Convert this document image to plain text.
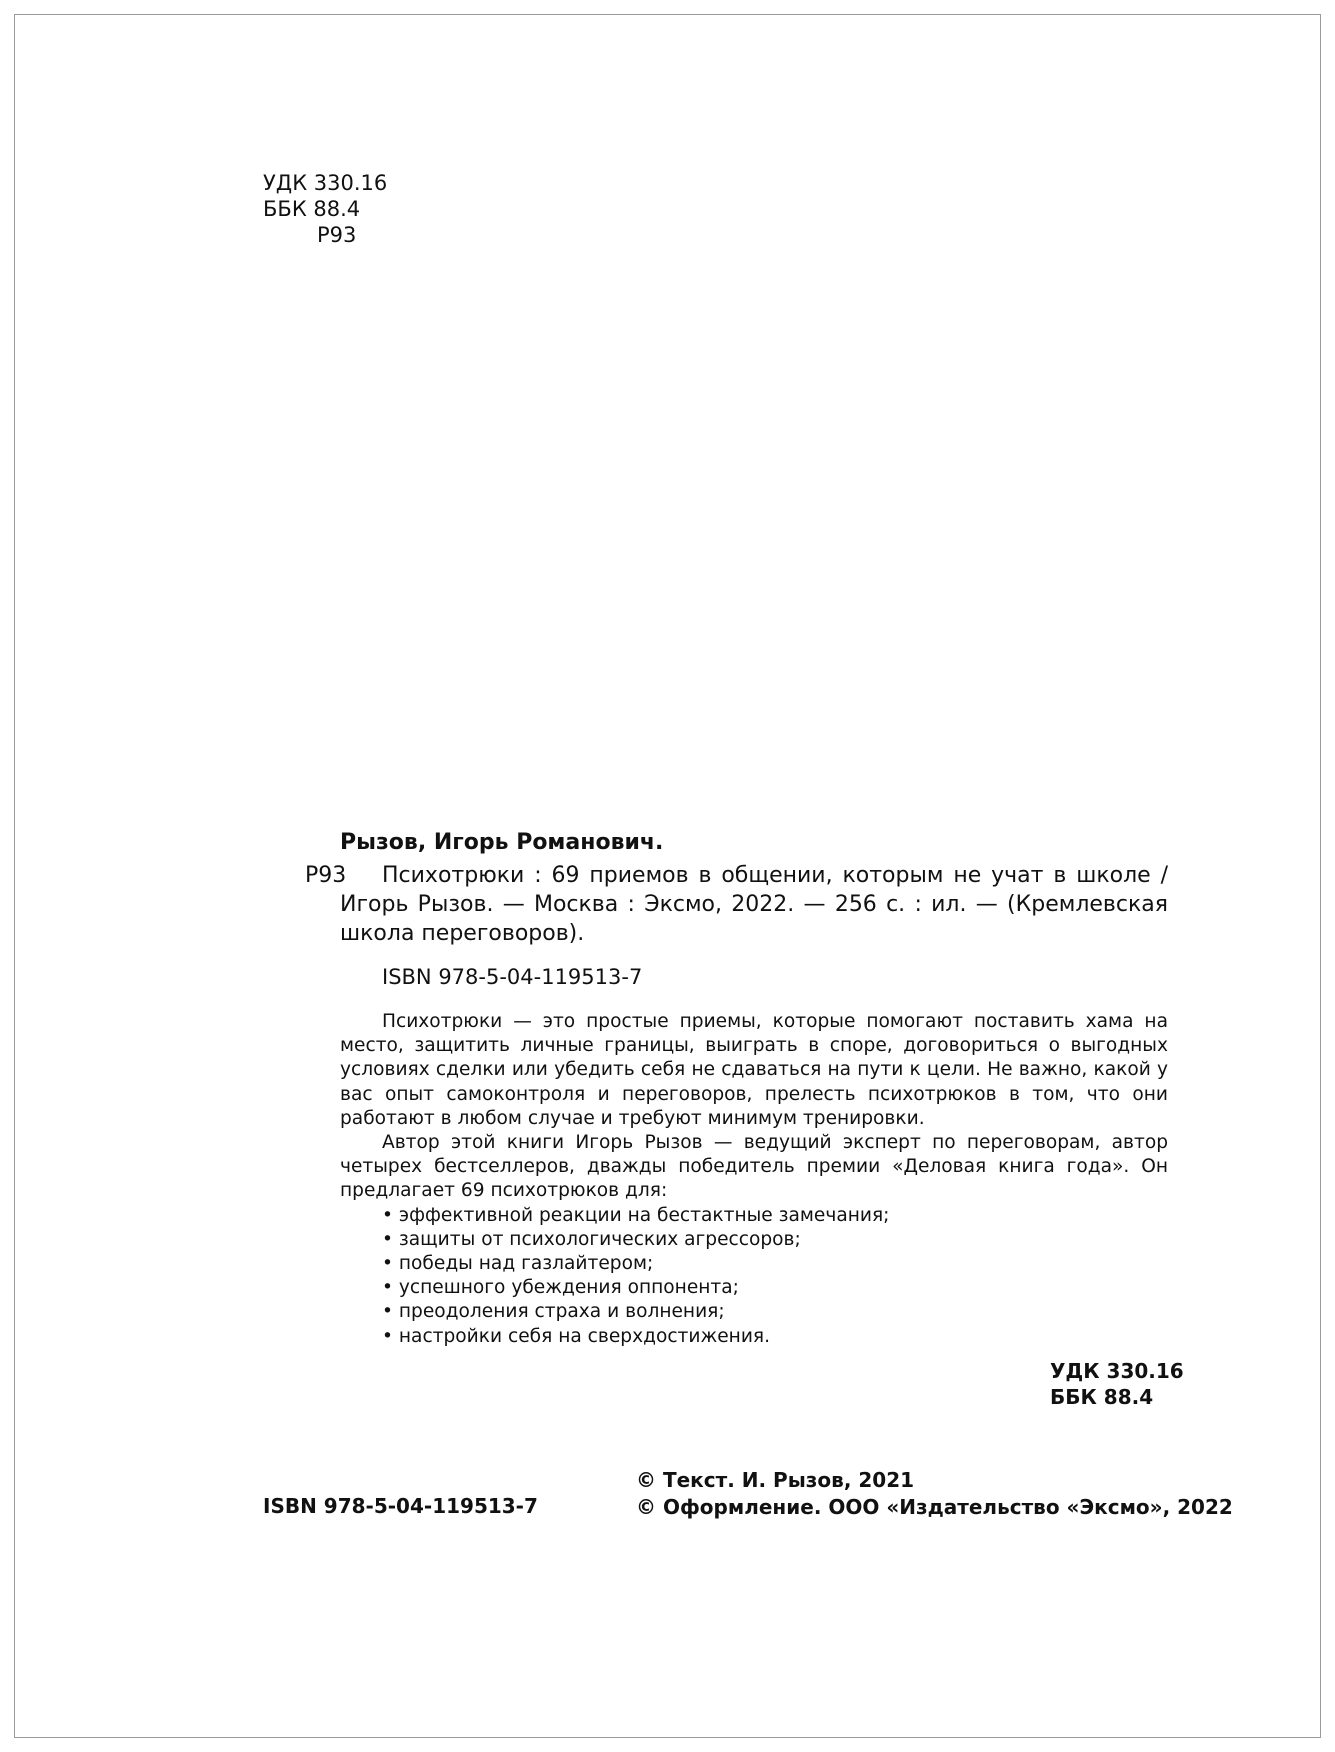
УДК 330.16
ББК 88.4
Р93
Рызов, Игорь Романович.
Р93 Психотрюки : 69 приемов в общении, которым не учат в школе / Игорь Рызов. — Москва : Эксмо, 2022. — 256 с. : ил. — (Кремлевская школа переговоров).
ISBN 978-5-04-119513-7

Психотрюки — это простые приемы, которые помогают поставить хама на место, защитить личные границы, выиграть в споре, договориться о выгодных условиях сделки или убедить себя не сдаваться на пути к цели. Не важно, какой у вас опыт самоконтроля и переговоров, прелесть психотрюков в том, что они работают в любом случае и требуют минимум тренировки.

Автор этой книги Игорь Рызов — ведущий эксперт по переговорам, автор четырех бестселлеров, дважды победитель премии «Деловая книга года». Он предлагает 69 психотрюков для:

• эффективной реакции на бестактные замечания;
• защиты от психологических агрессоров;
• победы над газлайтером;
• успешного убеждения оппонента;
• преодоления страха и волнения;
• настройки себя на сверхдостижения.
УДК 330.16
ББК 88.4
ISBN 978-5-04-119513-7
© Текст. И. Рызов, 2021
© Оформление. ООО «Издательство «Эксмо», 2022
